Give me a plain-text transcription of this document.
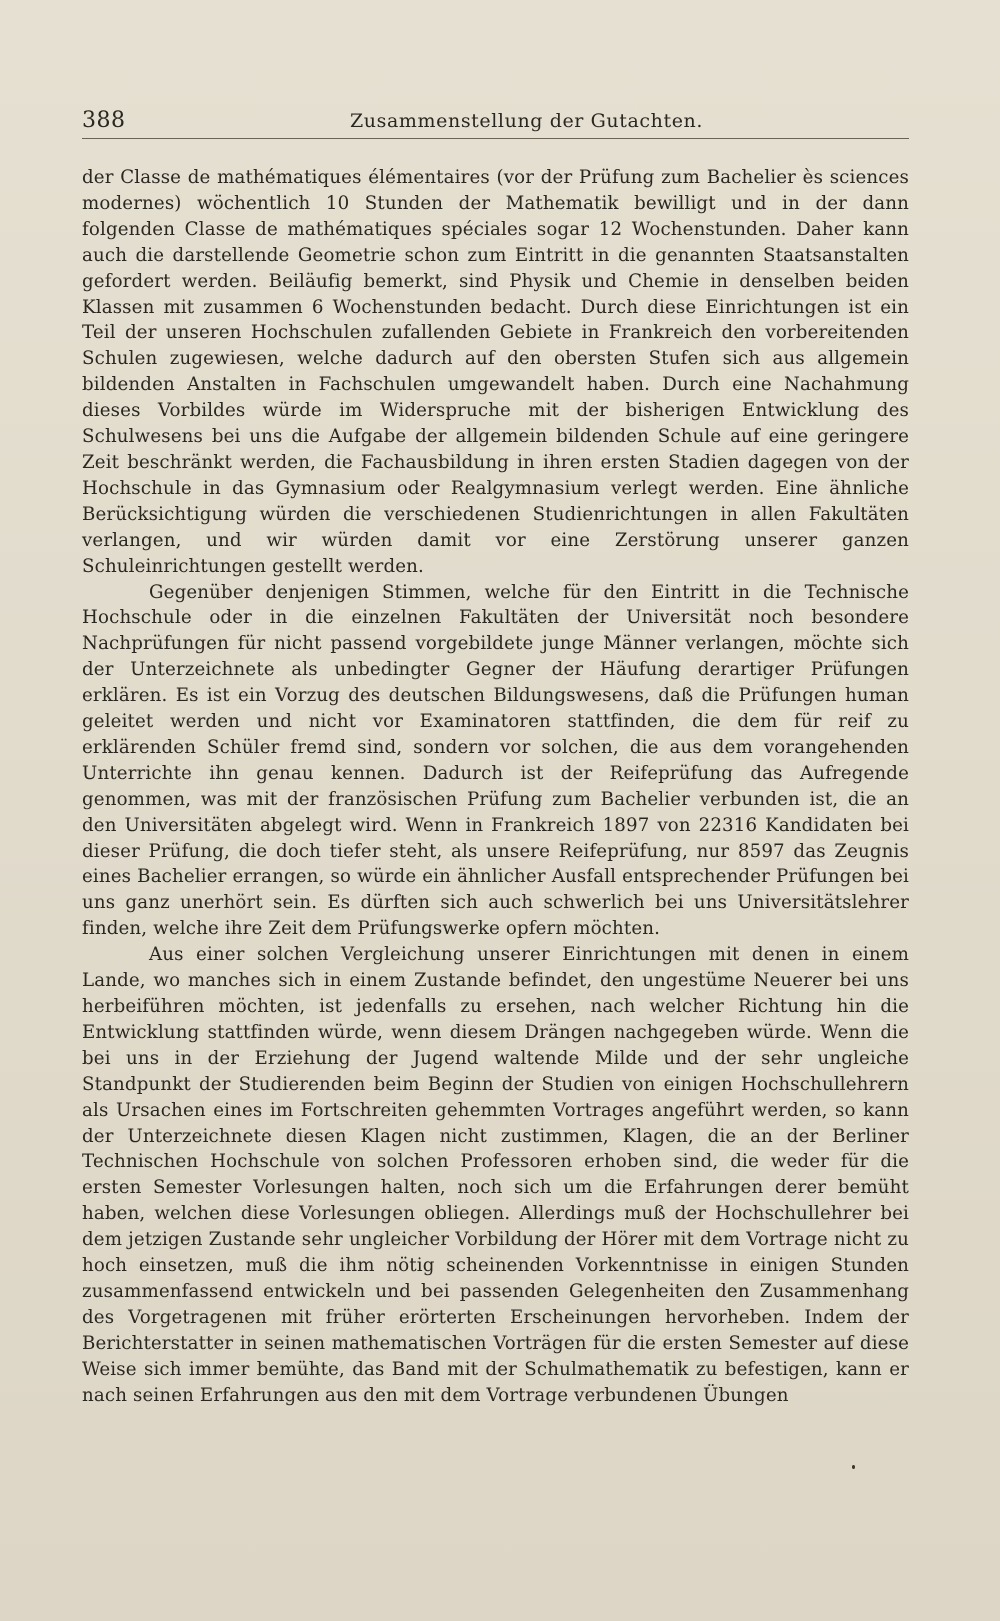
388	Zusammenstellung der Gutachten.

der Classe de mathématiques élémentaires (vor der Prüfung zum Bachelier ès sciences modernes) wöchentlich 10 Stunden der Mathematik bewilligt und in der dann folgenden Classe de mathématiques spéciales sogar 12 Wochenstunden. Daher kann auch die darstellende Geometrie schon zum Eintritt in die genannten Staatsanstalten gefordert werden. Beiläufig bemerkt, sind Physik und Chemie in denselben beiden Klassen mit zusammen 6 Wochenstunden bedacht. Durch diese Einrichtungen ist ein Teil der unseren Hochschulen zufallenden Gebiete in Frankreich den vorbereitenden Schulen zugewiesen, welche dadurch auf den obersten Stufen sich aus allgemein bildenden Anstalten in Fachschulen umgewandelt haben. Durch eine Nachahmung dieses Vorbildes würde im Widerspruche mit der bisherigen Entwicklung des Schulwesens bei uns die Aufgabe der allgemein bildenden Schule auf eine geringere Zeit beschränkt werden, die Fachausbildung in ihren ersten Stadien dagegen von der Hochschule in das Gymnasium oder Realgymnasium verlegt werden. Eine ähnliche Berücksichtigung würden die verschiedenen Studienrichtungen in allen Fakultäten verlangen, und wir würden damit vor eine Zerstörung unserer ganzen Schuleinrichtungen gestellt werden.

Gegenüber denjenigen Stimmen, welche für den Eintritt in die Technische Hochschule oder in die einzelnen Fakultäten der Universität noch besondere Nachprüfungen für nicht passend vorgebildete junge Männer verlangen, möchte sich der Unterzeichnete als unbedingter Gegner der Häufung derartiger Prüfungen erklären. Es ist ein Vorzug des deutschen Bildungswesens, daß die Prüfungen human geleitet werden und nicht vor Examinatoren stattfinden, die dem für reif zu erklärenden Schüler fremd sind, sondern vor solchen, die aus dem vorangehenden Unterrichte ihn genau kennen. Dadurch ist der Reifeprüfung das Aufregende genommen, was mit der französischen Prüfung zum Bachelier verbunden ist, die an den Universitäten abgelegt wird. Wenn in Frankreich 1897 von 22316 Kandidaten bei dieser Prüfung, die doch tiefer steht, als unsere Reifeprüfung, nur 8597 das Zeugnis eines Bachelier errangen, so würde ein ähnlicher Ausfall entsprechender Prüfungen bei uns ganz unerhört sein. Es dürften sich auch schwerlich bei uns Universitätslehrer finden, welche ihre Zeit dem Prüfungswerke opfern möchten.

Aus einer solchen Vergleichung unserer Einrichtungen mit denen in einem Lande, wo manches sich in einem Zustande befindet, den ungestüme Neuerer bei uns herbeiführen möchten, ist jedenfalls zu ersehen, nach welcher Richtung hin die Entwicklung stattfinden würde, wenn diesem Drängen nachgegeben würde. Wenn die bei uns in der Erziehung der Jugend waltende Milde und der sehr ungleiche Standpunkt der Studierenden beim Beginn der Studien von einigen Hochschullehrern als Ursachen eines im Fortschreiten gehemmten Vortrages angeführt werden, so kann der Unterzeichnete diesen Klagen nicht zustimmen, Klagen, die an der Berliner Technischen Hochschule von solchen Professoren erhoben sind, die weder für die ersten Semester Vorlesungen halten, noch sich um die Erfahrungen derer bemüht haben, welchen diese Vorlesungen obliegen. Allerdings muß der Hochschullehrer bei dem jetzigen Zustande sehr ungleicher Vorbildung der Hörer mit dem Vortrage nicht zu hoch einsetzen, muß die ihm nötig scheinenden Vorkenntnisse in einigen Stunden zusammenfassend entwickeln und bei passenden Gelegenheiten den Zusammenhang des Vorgetragenen mit früher erörterten Erscheinungen hervorheben. Indem der Berichterstatter in seinen mathematischen Vorträgen für die ersten Semester auf diese Weise sich immer bemühte, das Band mit der Schulmathematik zu befestigen, kann er nach seinen Erfahrungen aus den mit dem Vortrage verbundenen Übungen
